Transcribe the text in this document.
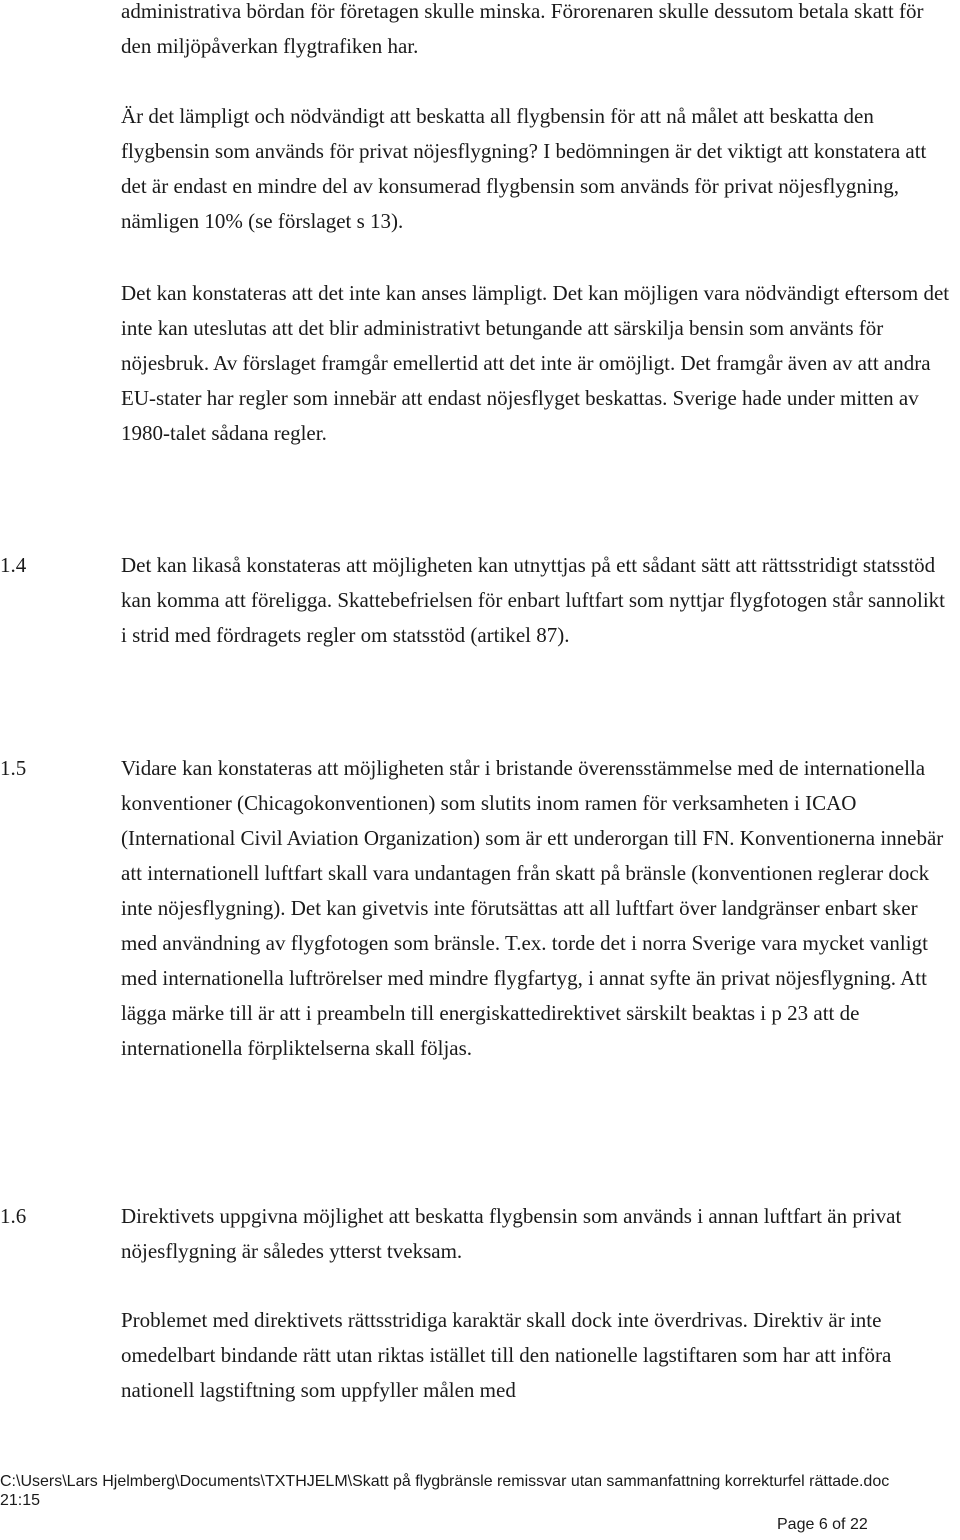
administrativa bördan för företagen skulle minska. Förorenaren skulle dessutom betala skatt för den miljöpåverkan flygtrafiken har.

Är det lämpligt och nödvändigt att beskatta all flygbensin för att nå målet att beskatta den flygbensin som används för privat nöjesflygning? I bedömningen är det viktigt att konstatera att det är endast en mindre del av konsumerad flygbensin som används för privat nöjesflygning, nämligen 10% (se förslaget s 13).

Det kan konstateras att det inte kan anses lämpligt. Det kan möjligen vara nödvändigt eftersom det inte kan uteslutas att det blir administrativt betungande att särskilja bensin som använts för nöjesbruk. Av förslaget framgår emellertid att det inte är omöjligt. Det framgår även av att andra EU-stater har regler som innebär att endast nöjesflyget beskattas. Sverige hade under mitten av 1980-talet sådana regler.

1.4	Det kan likaså konstateras att möjligheten kan utnyttjas på ett sådant sätt att rättsstridigt statsstöd kan komma att föreligga. Skattebefrielsen för enbart luftfart som nyttjar flygfotogen står sannolikt i strid med fördragets regler om statsstöd (artikel 87).

1.5	Vidare kan konstateras att möjligheten står i bristande överensstämmelse med de internationella konventioner (Chicagokonventionen) som slutits inom ramen för verksamheten i ICAO (International Civil Aviation Organization) som är ett underorgan till FN. Konventionerna innebär att internationell luftfart skall vara undantagen från skatt på bränsle (konventionen reglerar dock inte nöjesflygning). Det kan givetvis inte förutsättas att all luftfart över landgränser enbart sker med användning av flygfotogen som bränsle. T.ex. torde det i norra Sverige vara mycket vanligt med internationella luftrörelser med mindre flygfartyg, i annat syfte än privat nöjesflygning. Att lägga märke till är att i preambeln till energiskattedirektivet särskilt beaktas i p 23 att de internationella förpliktelserna skall följas.

1.6	Direktivets uppgivna möjlighet att beskatta flygbensin som används i annan luftfart än privat nöjesflygning är således ytterst tveksam.

Problemet med direktivets rättsstridiga karaktär skall dock inte överdrivas. Direktiv är inte omedelbart bindande rätt utan riktas istället till den nationelle lagstiftaren som har att införa nationell lagstiftning som uppfyller målen med

C:\Users\Lars Hjelmberg\Documents\TXTHJELM\Skatt på flygbränsle remissvar utan sammanfattning korrekturfel rättade.doc 21:15
Page 6 of 22
